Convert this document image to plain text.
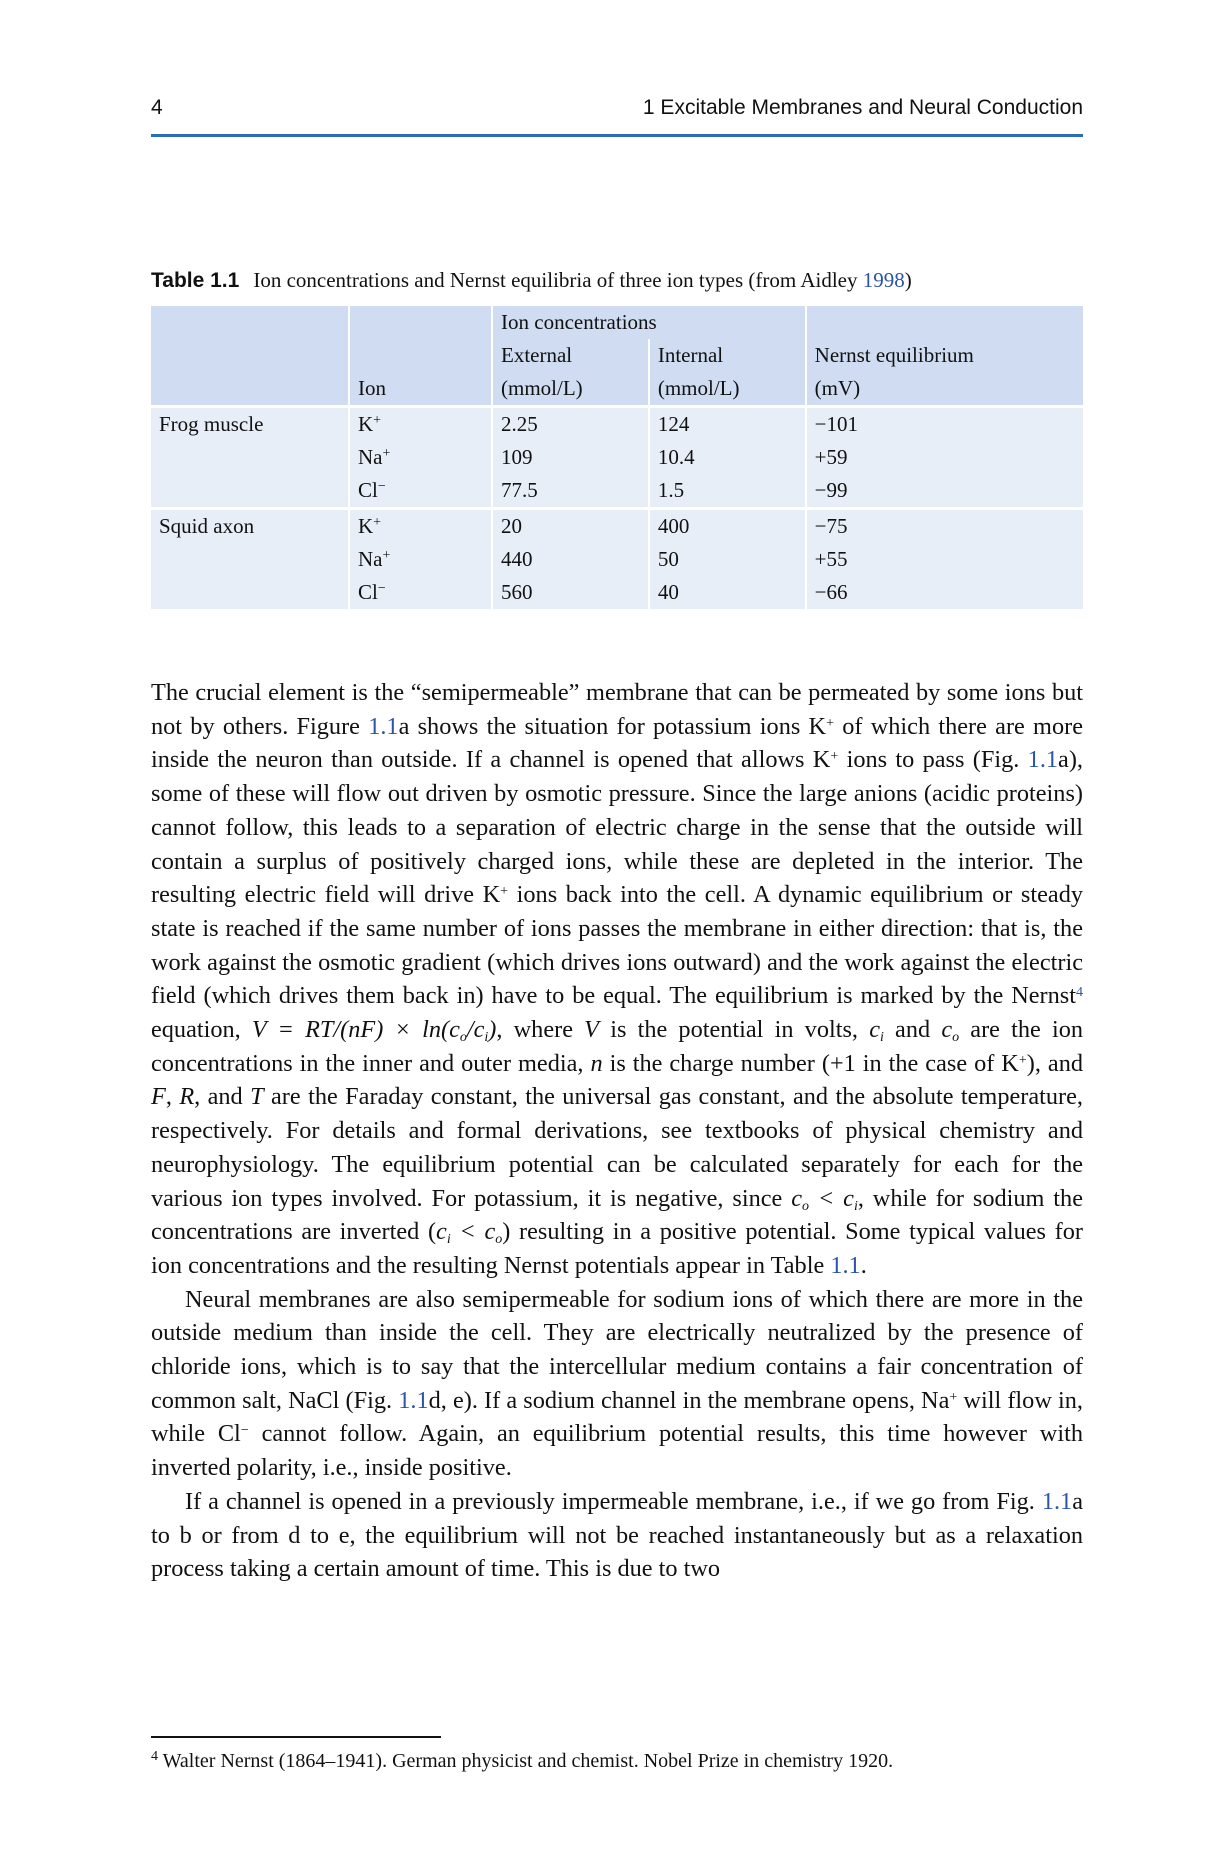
4	1 Excitable Membranes and Neural Conduction
Table 1.1 Ion concentrations and Nernst equilibria of three ion types (from Aidley 1998)
		Ion concentrations		
		External	Internal	Nernst equilibrium
	Ion	(mmol/L)	(mmol/L)	(mV)
Frog muscle	K+	2.25	124	−101
	Na+	109	10.4	+59
	Cl−	77.5	1.5	−99
Squid axon	K+	20	400	−75
	Na+	440	50	+55
	Cl−	560	40	−66

The crucial element is the “semipermeable” membrane that can be permeated by some ions but not by others. Figure 1.1a shows the situation for potassium ions K+ of which there are more inside the neuron than outside. If a channel is opened that allows K+ ions to pass (Fig. 1.1a), some of these will flow out driven by osmotic pressure. Since the large anions (acidic proteins) cannot follow, this leads to a separation of electric charge in the sense that the outside will contain a surplus of positively charged ions, while these are depleted in the interior. The resulting electric field will drive K+ ions back into the cell. A dynamic equilibrium or steady state is reached if the same number of ions passes the membrane in either direction: that is, the work against the osmotic gradient (which drives ions outward) and the work against the electric field (which drives them back in) have to be equal. The equilibrium is marked by the Nernst$^4$ equation, $V = RT/(nF) \times \ln(c_o/c_i)$, where V is the potential in volts, $c_i$ and $c_o$ are the ion concentrations in the inner and outer media, n is the charge number (+1 in the case of K+), and F, R, and T are the Faraday constant, the universal gas constant, and the absolute temperature, respectively. For details and formal derivations, see textbooks of physical chemistry and neurophysiology. The equilibrium potential can be calculated separately for each for the various ion types involved. For potassium, it is negative, since $c_o < c_i$, while for sodium the concentrations are inverted $(c_i < c_o)$ resulting in a positive potential. Some typical values for ion concentrations and the resulting Nernst potentials appear in Table 1.1.

Neural membranes are also semipermeable for sodium ions of which there are more in the outside medium than inside the cell. They are electrically neutralized by the presence of chloride ions, which is to say that the intercellular medium contains a fair concentration of common salt, NaCl (Fig. 1.1d, e). If a sodium channel in the membrane opens, Na+ will flow in, while Cl− cannot follow. Again, an equilibrium potential results, this time however with inverted polarity, i.e., inside positive.

If a channel is opened in a previously impermeable membrane, i.e., if we go from Fig. 1.1a to b or from d to e, the equilibrium will not be reached instantaneously but as a relaxation process taking a certain amount of time. This is due to two

$^4$ Walter Nernst (1864–1941). German physicist and chemist. Nobel Prize in chemistry 1920.
